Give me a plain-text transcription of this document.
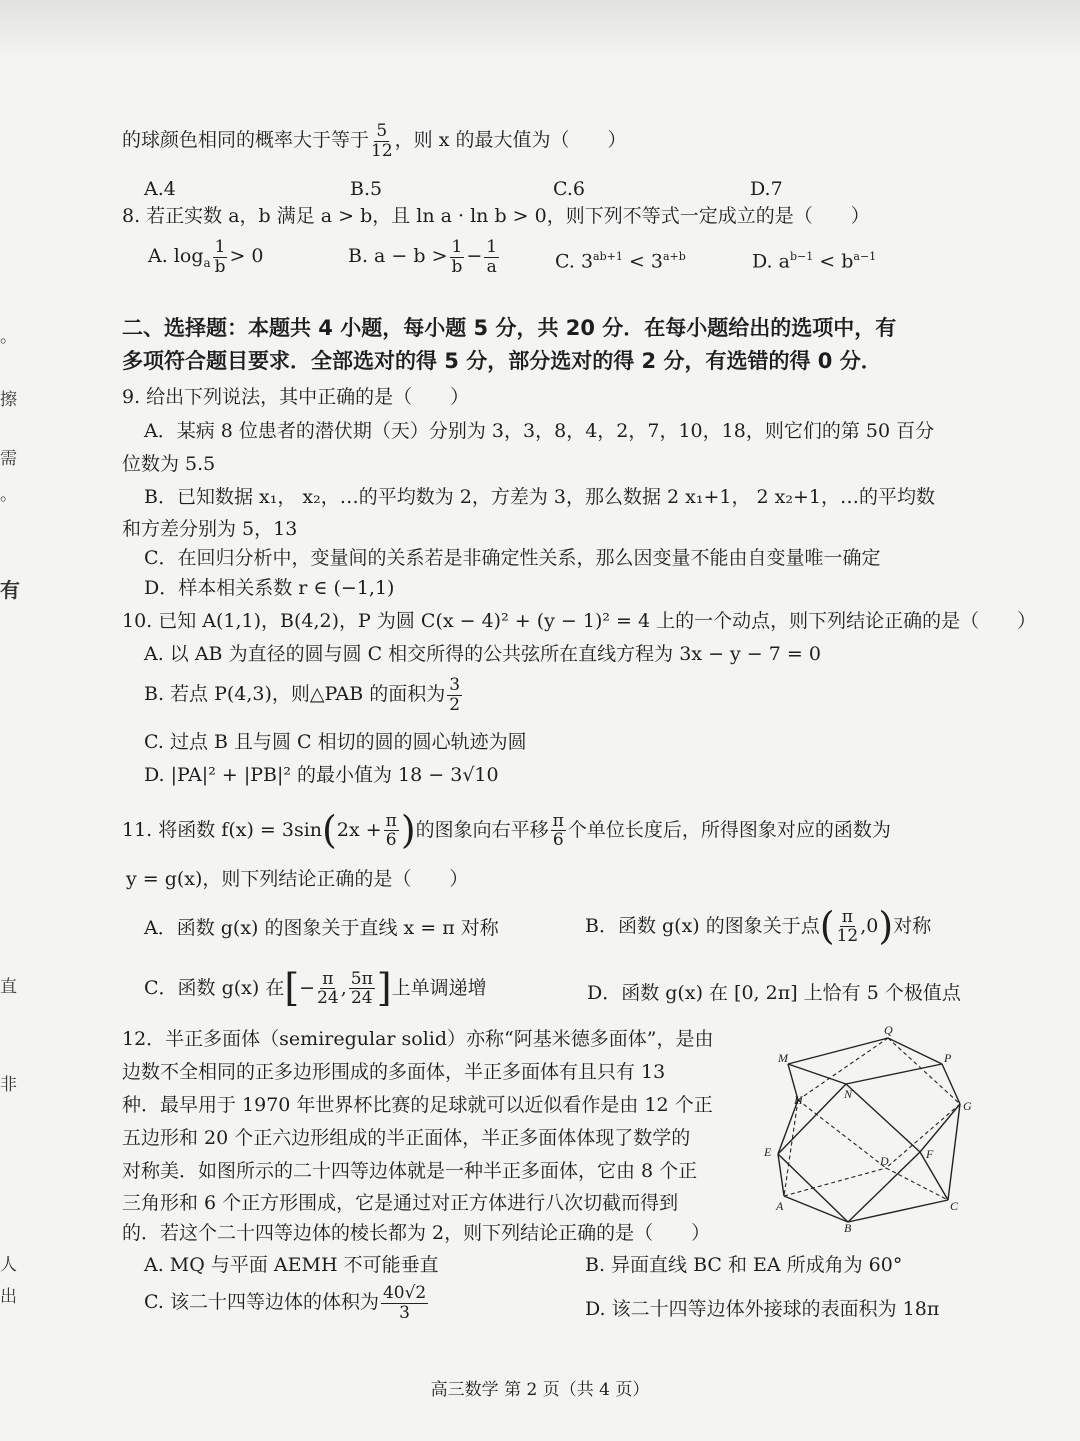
。
擦
需
。
有
直
非
人
出
的球颜色相同的概率大于等于 $\frac{5}{12}$ ，则 x 的最大值为（　　）
A.4	B.5	C.6	D.7
8. 若正实数 a，b 满足 a > b，且 ln a · ln b > 0，则下列不等式一定成立的是（　　）
A. $\log_a \frac{1}{b} > 0$	B. $a - b > \frac{1}{b} - \frac{1}{a}$	C. $3^{ab+1} < 3^{a+b}$	D. $a^{b-1} < b^{a-1}$
二、选择题：本题共 4 小题，每小题 5 分，共 20 分．在每小题给出的选项中，有
多项符合题目要求．全部选对的得 5 分，部分选对的得 2 分，有选错的得 0 分．
9. 给出下列说法，其中正确的是（　　）
A．某病 8 位患者的潜伏期（天）分别为 3，3，8，4，2，7，10，18，则它们的第 50 百分
位数为 5.5
B．已知数据 x₁， x₂，…的平均数为 2，方差为 3，那么数据 2 x₁+1， 2 x₂+1，…的平均数
和方差分别为 5，13
C．在回归分析中，变量间的关系若是非确定性关系，那么因变量不能由自变量唯一确定
D．样本相关系数 r ∈ (−1,1)
10. 已知 A(1,1)，B(4,2)，P 为圆 C(x − 4)² + (y − 1)² = 4 上的一个动点，则下列结论正确的是（　　）
A. 以 AB 为直径的圆与圆 C 相交所得的公共弦所在直线方程为 3x − y − 7 = 0
B. 若点 P(4,3)，则△PAB 的面积为 $\frac{3}{2}$
C. 过点 B 且与圆 C 相切的圆的圆心轨迹为圆
D. |PA|² + |PB|² 的最小值为 18 − 3√10
11. 将函数 $f(x) = 3\sin(2x + \frac{\pi}{6}$ )的图象向右平移 $\frac{\pi}{6}$ 个单位长度后，所得图象对应的函数为
y = g(x)，则下列结论正确的是（　　）
A．函数 g(x) 的图象关于直线 x = π 对称	B．函数 g(x) 的图象关于点( $\frac{\pi}{12} ,0$)对称
C．函数 g(x) 在[− $\frac{\pi}{24}$ , $\frac{5\pi}{24}$ ]上单调递增	D．函数 g(x) 在 [0, 2π] 上恰有 5 个极值点
12．半正多面体（semiregular solid）亦称“阿基米德多面体”，是由
边数不全相同的正多边形围成的多面体，半正多面体有且只有 13
种．最早用于 1970 年世界杯比赛的足球就可以近似看作是由 12 个正
五边形和 20 个正六边形组成的半正面体，半正多面体体现了数学的
对称美．如图所示的二十四等边体就是一种半正多面体，它由 8 个正
三角形和 6 个正方形围成，它是通过对正方体进行八次切截而得到
的．若这个二十四等边体的棱长都为 2，则下列结论正确的是（　　）
A. MQ 与平面 AEMH 不可能垂直	B. 异面直线 BC 和 EA 所成角为 60°
C. 该二十四等边体的体积为 $\frac{40√2}{3}$	D. 该二十四等边体外接球的表面积为 18π
Q
M	P
N
H	G
E
D	F
A	C
B
高三数学 第 2 页（共 4 页）
